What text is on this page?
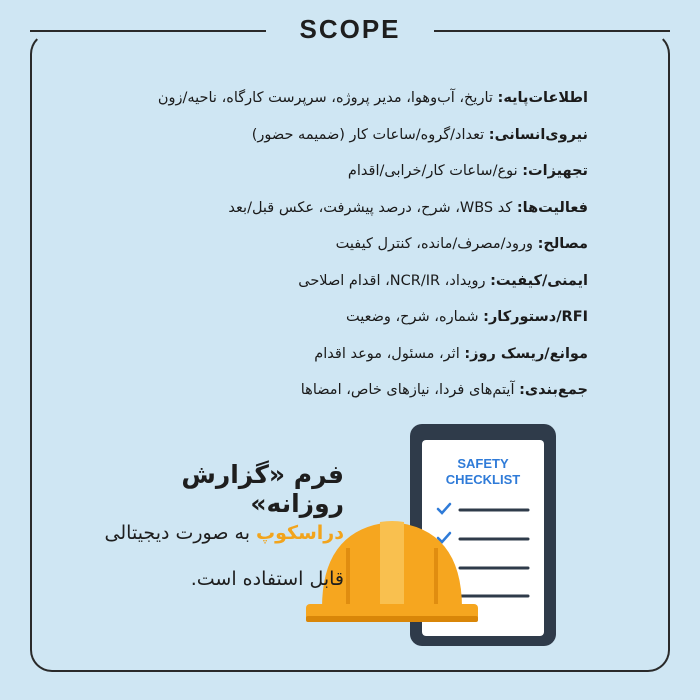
SCOPE
اطلاعات‌پایه: تاریخ، آب‌وهوا، مدیر پروژه، سرپرست کارگاه، ناحیه/زون
نیروی‌انسانی: تعداد/گروه/ساعات کار (ضمیمه حضور)
تجهیزات: نوع/ساعات کار/خرابی/اقدام
فعالیت‌ها: کد WBS، شرح، درصد پیشرفت، عکس قبل/بعد
مصالح: ورود/مصرف/مانده، کنترل کیفیت
ایمنی/کیفیت: رویداد، NCR/IR، اقدام اصلاحی
RFI/دستورکار: شماره، شرح، وضعیت
موانع/ریسک روز: اثر، مسئول، موعد اقدام
جمع‌بندی: آیتم‌های فردا، نیازهای خاص، امضاها
SAFETY
CHECKLIST
فرم «گزارش روزانه»
دراسکوپ به صورت دیجیتالی
قابل استفاده است.
